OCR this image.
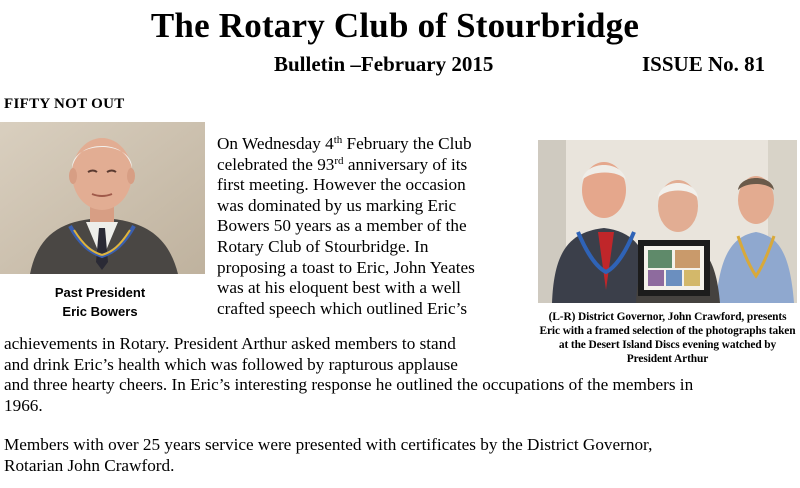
The Rotary Club of Stourbridge
Bulletin –February 2015	ISSUE No. 81
FIFTY NOT OUT
Past President
Eric Bowers	(L-R) District Governor, John Crawford, presents Eric with a framed selection of the photographs taken at the Desert Island Discs evening watched by President Arthur
On Wednesday 4th February the Club
celebrated the 93rd anniversary of its
first meeting. However the occasion
was dominated by us marking Eric
Bowers 50 years as a member of the
Rotary Club of Stourbridge. In
proposing a toast to Eric, John Yeates
was at his eloquent best with a well
crafted speech which outlined Eric’s
achievements in Rotary. President Arthur asked members to stand
and drink Eric’s health which was followed by rapturous applause
and three hearty cheers. In Eric’s interesting response he outlined the occupations of the members in
1966.
Members with over 25 years service were presented with certificates by the District Governor,
Rotarian John Crawford.
